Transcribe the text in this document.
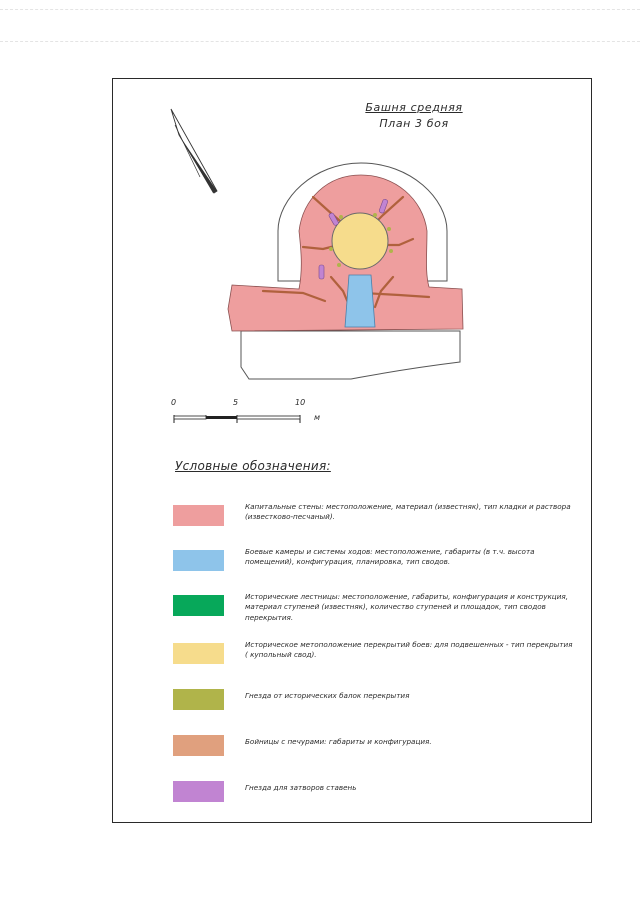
Башня средняя
План 3 боя
0	5	10
м
Условные обозначения:
Капитальные стены: местоположение, материал (известняк), тип кладки и раствора (известково-песчаный).
Боевые камеры и системы ходов: местоположение, габариты (в т.ч. высота помещений), конфигурация, планировка, тип сводов.
Исторические лестницы: местоположение, габариты, конфигурация и конструкция, материал ступеней (известняк), количество ступеней и площадок, тип сводов перекрытия.
Историческое метоположение перекрытий боев: для подвешенных - тип перекрытия ( купольный свод).
Гнезда от исторических балок перекрытия
Бойницы с печурами: габариты и конфигурация.
Гнезда для затворов ставень
